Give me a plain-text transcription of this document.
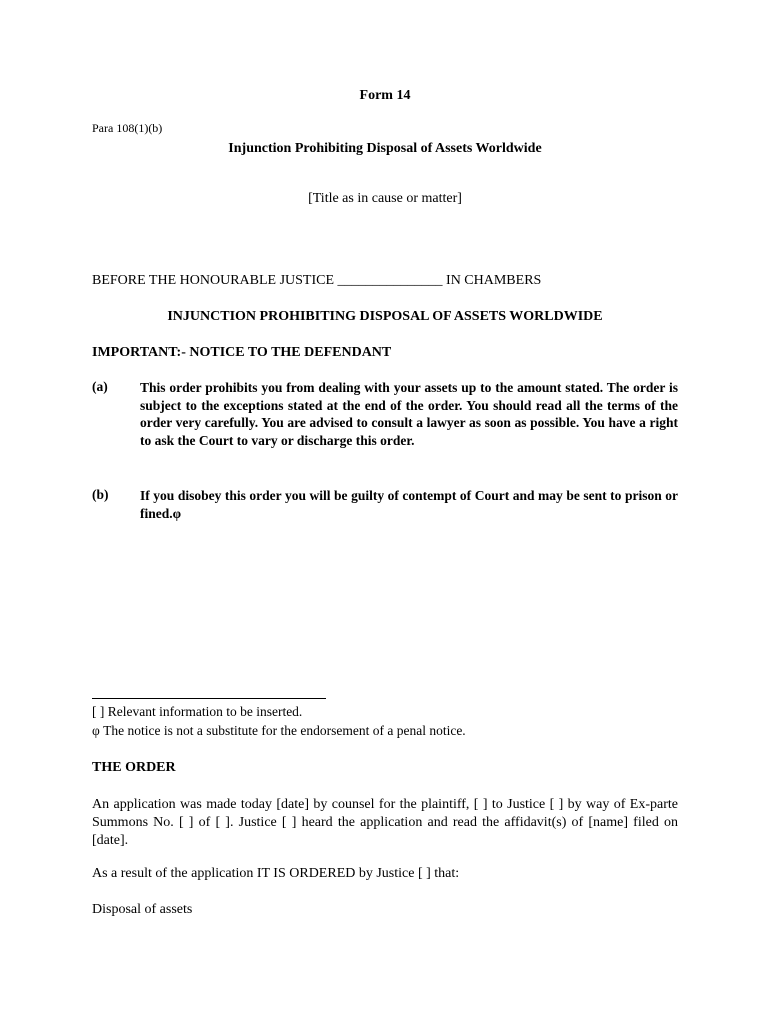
Form 14
Para 108(1)(b)
Injunction Prohibiting Disposal of Assets Worldwide
[Title as in cause or matter]
BEFORE THE HONOURABLE JUSTICE _______________ IN CHAMBERS
INJUNCTION PROHIBITING DISPOSAL OF ASSETS WORLDWIDE
IMPORTANT:- NOTICE TO THE DEFENDANT
(a) This order prohibits you from dealing with your assets up to the amount stated. The order is subject to the exceptions stated at the end of the order. You should read all the terms of the order very carefully. You are advised to consult a lawyer as soon as possible. You have a right to ask the Court to vary or discharge this order.
(b) If you disobey this order you will be guilty of contempt of Court and may be sent to prison or fined.φ
[ ] Relevant information to be inserted.
φ The notice is not a substitute for the endorsement of a penal notice.
THE ORDER
An application was made today [date] by counsel for the plaintiff, [ ] to Justice [ ] by way of Ex-parte Summons No. [ ] of [ ]. Justice [ ] heard the application and read the affidavit(s) of [name] filed on [date].
As a result of the application IT IS ORDERED by Justice [ ] that:
Disposal of assets
